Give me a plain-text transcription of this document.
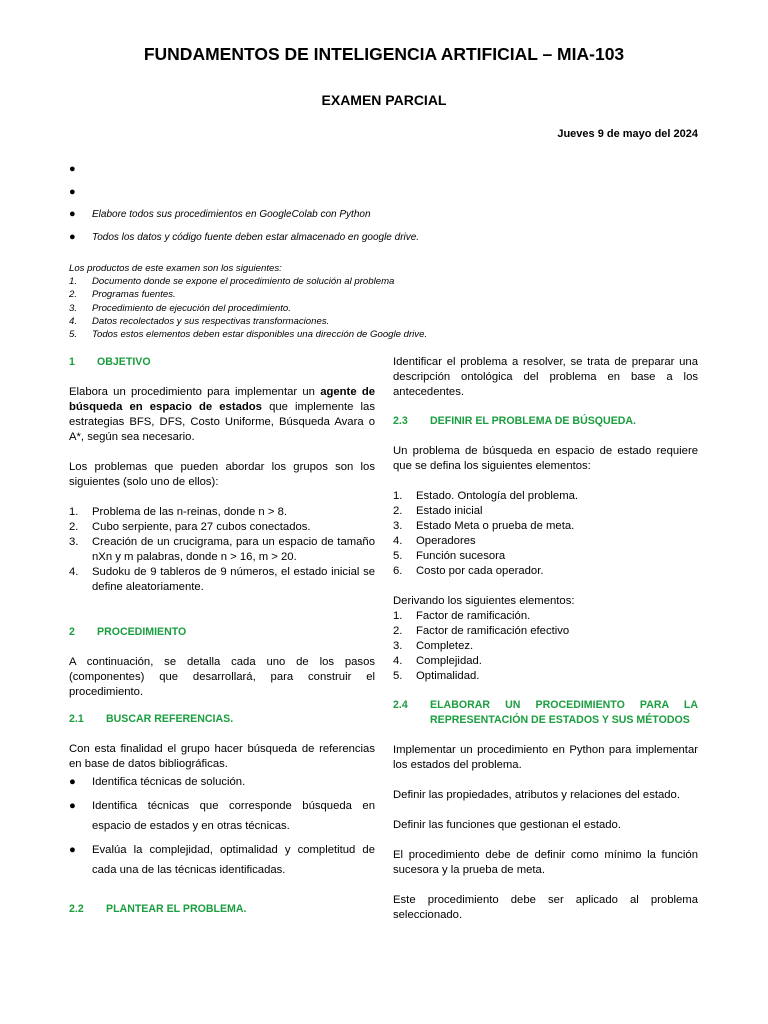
FUNDAMENTOS DE INTELIGENCIA ARTIFICIAL – MIA-103
EXAMEN PARCIAL
Jueves 9 de mayo del 2024
●
●
● Elabore todos sus procedimientos en GoogleColab con Python
● Todos los datos y código fuente deben estar almacenado en google drive.
Los productos de este examen son los siguientes:
1. Documento donde se expone el procedimiento de solución al problema
2. Programas fuentes.
3. Procedimiento de ejecución del procedimiento.
4. Datos recolectados y sus respectivas transformaciones.
5. Todos estos elementos deben estar disponibles una dirección de Google drive.
1	OBJETIVO

Elabora un procedimiento para implementar un agente de búsqueda en espacio de estados que implemente las estrategias BFS, DFS, Costo Uniforme, Búsqueda Avara o A*, según sea necesario.

Los problemas que pueden abordar los grupos son los siguientes (solo uno de ellos):

1. Problema de las n-reinas, donde n > 8.
2. Cubo serpiente, para 27 cubos conectados.
3. Creación de un crucigrama, para un espacio de tamaño nXn y m palabras, donde n > 16, m > 20.
4. Sudoku de 9 tableros de 9 números, el estado inicial se define aleatoriamente.
2	PROCEDIMIENTO

A continuación, se detalla cada uno de los pasos (componentes) que desarrollará, para construir el procedimiento.

2.1	BUSCAR REFERENCIAS.

Con esta finalidad el grupo hacer búsqueda de referencias en base de datos bibliográficas.

● Identifica técnicas de solución.
● Identifica técnicas que corresponde búsqueda en espacio de estados y en otras técnicas.
● Evalúa la complejidad, optimalidad y completitud de cada una de las técnicas identificadas.
2.2	PLANTEAR EL PROBLEMA.

Identificar el problema a resolver, se trata de preparar una descripción ontológica del problema en base a los antecedentes.

2.3	DEFINIR EL PROBLEMA DE BÚSQUEDA.

Un problema de búsqueda en espacio de estado requiere que se defina los siguientes elementos:

1. Estado. Ontología del problema.
2. Estado inicial
3. Estado Meta o prueba de meta.
4. Operadores
5. Función sucesora
6. Costo por cada operador.

Derivando los siguientes elementos:

1. Factor de ramificación.
2. Factor de ramificación efectivo
3. Completez.
4. Complejidad.
5. Optimalidad.
2.4	ELABORAR UN PROCEDIMIENTO PARA LA REPRESENTACIÓN DE ESTADOS Y SUS MÉTODOS

Implementar un procedimiento en Python para implementar los estados del problema.

Definir las propiedades, atributos y relaciones del estado.

Definir las funciones que gestionan el estado.

El procedimiento debe de definir como mínimo la función sucesora y la prueba de meta.

Este procedimiento debe ser aplicado al problema seleccionado.
